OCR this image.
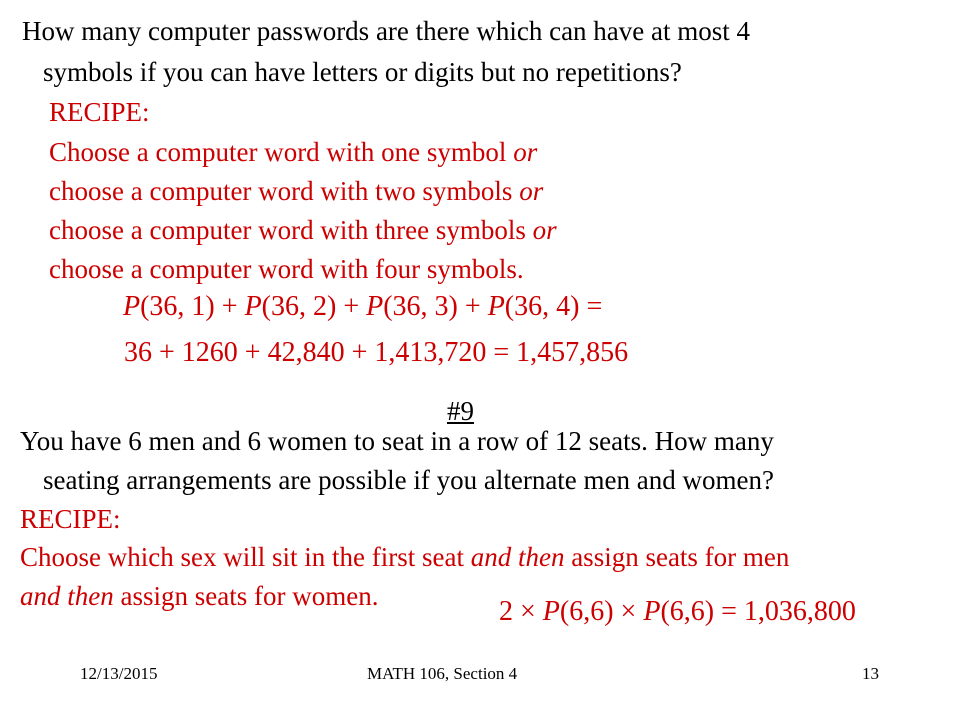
How many computer passwords are there which can have at most 4
symbols if you can have letters or digits but no repetitions?
RECIPE:
Choose a computer word with one symbol or
choose a computer word with two symbols or
choose a computer word with three symbols or
choose a computer word with four symbols.
P(36, 1) + P(36, 2) + P(36, 3) + P(36, 4) =
36 + 1260 + 42,840 + 1,413,720 = 1,457,856
#9
You have 6 men and 6 women to seat in a row of 12 seats. How many
seating arrangements are possible if you alternate men and women?
RECIPE:
Choose which sex will sit in the first seat and then assign seats for men
and then assign seats for women.	2 × P(6,6) × P(6,6) = 1,036,800
12/13/2015	MATH 106, Section 4	13
